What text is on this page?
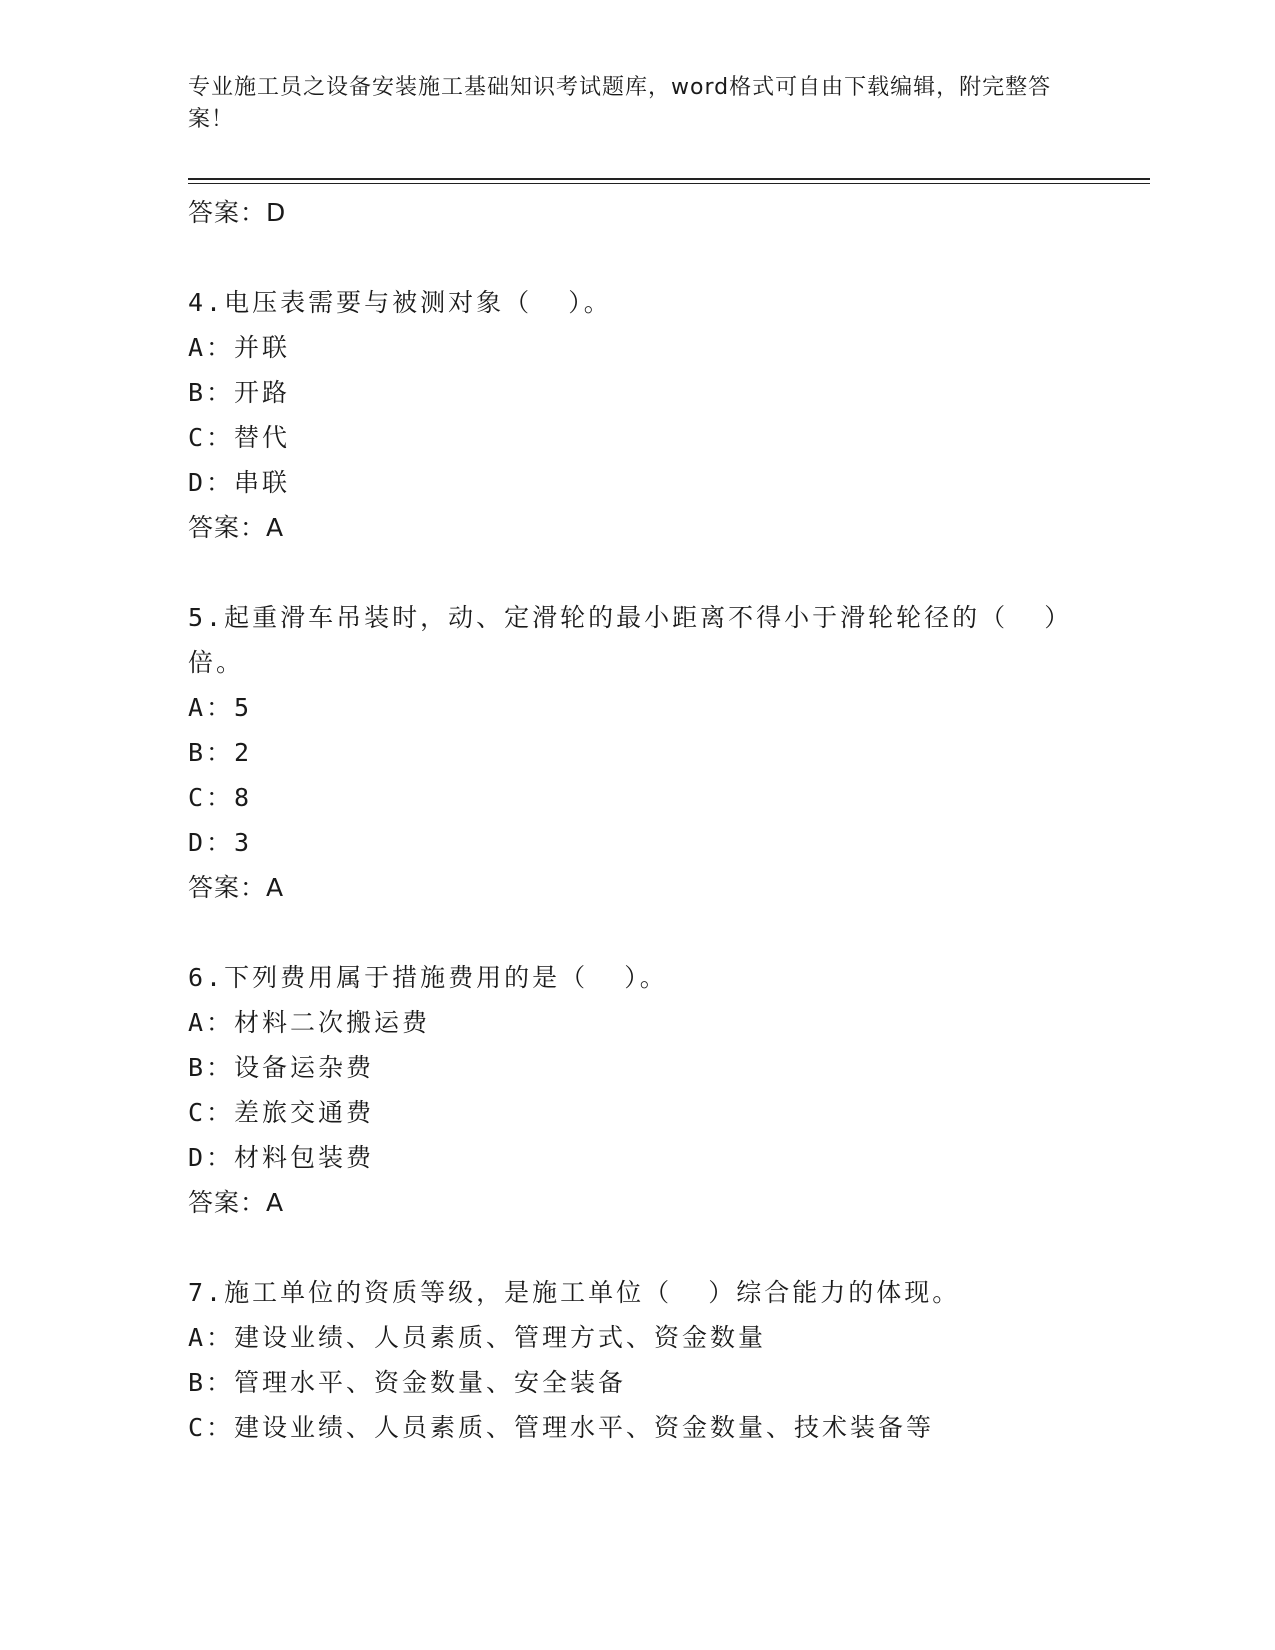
专业施工员之设备安装施工基础知识考试题库，word格式可自由下载编辑，附完整答案！
答案：D
4.电压表需要与被测对象（  ）。
A：并联
B：开路
C：替代
D：串联
答案：A
5.起重滑车吊装时，动、定滑轮的最小距离不得小于滑轮轮径的（  ）倍。
A：5
B：2
C：8
D：3
答案：A
6.下列费用属于措施费用的是（  ）。
A：材料二次搬运费
B：设备运杂费
C：差旅交通费
D：材料包装费
答案：A
7.施工单位的资质等级，是施工单位（  ）综合能力的体现。
A：建设业绩、人员素质、管理方式、资金数量
B：管理水平、资金数量、安全装备
C：建设业绩、人员素质、管理水平、资金数量、技术装备等
